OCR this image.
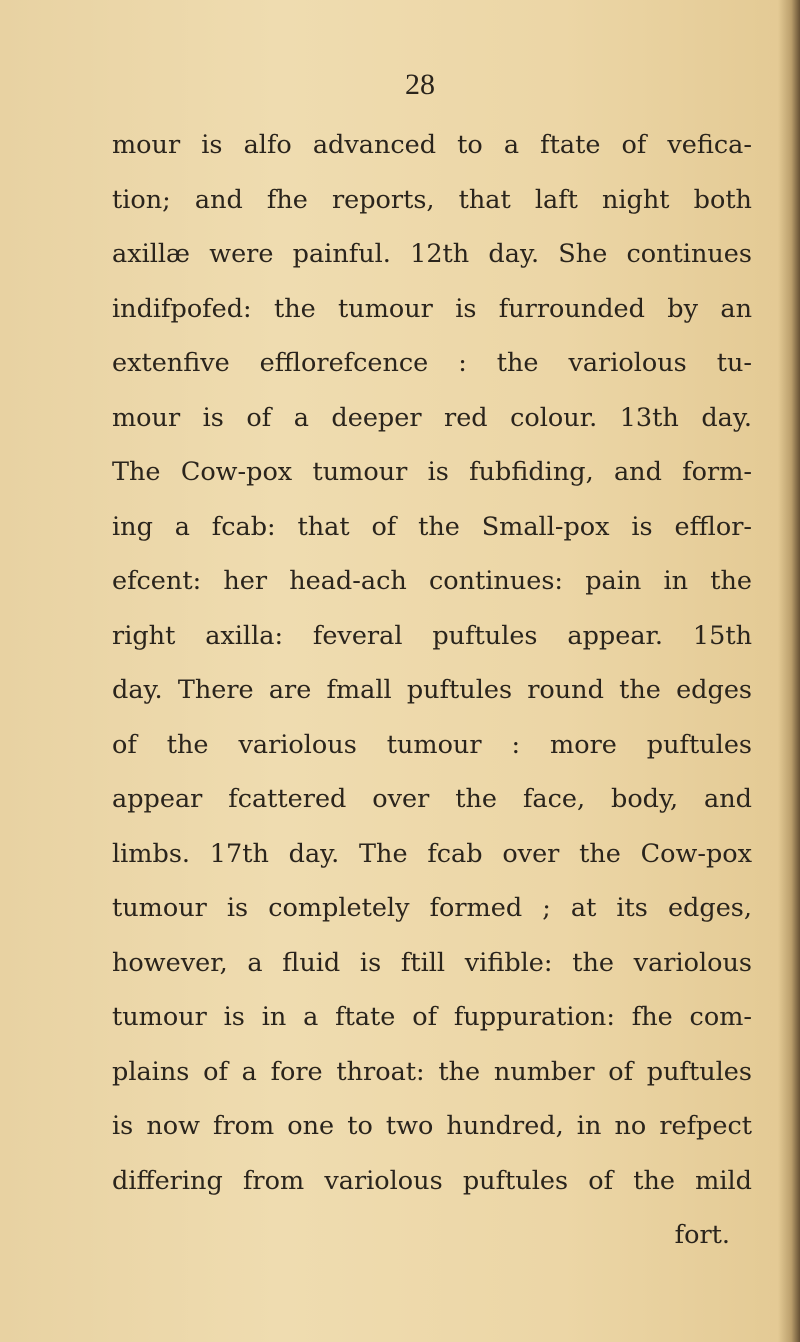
28
mour is alfo advanced to a ftate of vefica-
tion; and fhe reports, that laft night both
axillæ were painful. 12th day. She continues
indifpofed: the tumour is furrounded by an
extenfive efflorefcence : the variolous tu-
mour is of a deeper red colour. 13th day.
The Cow-pox tumour is fubfiding, and form-
ing a fcab: that of the Small-pox is efflor-
efcent: her head-ach continues: pain in the
right axilla: feveral puftules appear. 15th
day. There are fmall puftules round the edges
of the variolous tumour : more puftules
appear fcattered over the face, body, and
limbs. 17th day. The fcab over the Cow-pox
tumour is completely formed ; at its edges,
however, a fluid is ftill vifible: the variolous
tumour is in a ftate of fuppuration: fhe com-
plains of a fore throat: the number of puftules
is now from one to two hundred, in no refpect
differing from variolous puftules of the mild
fort.
